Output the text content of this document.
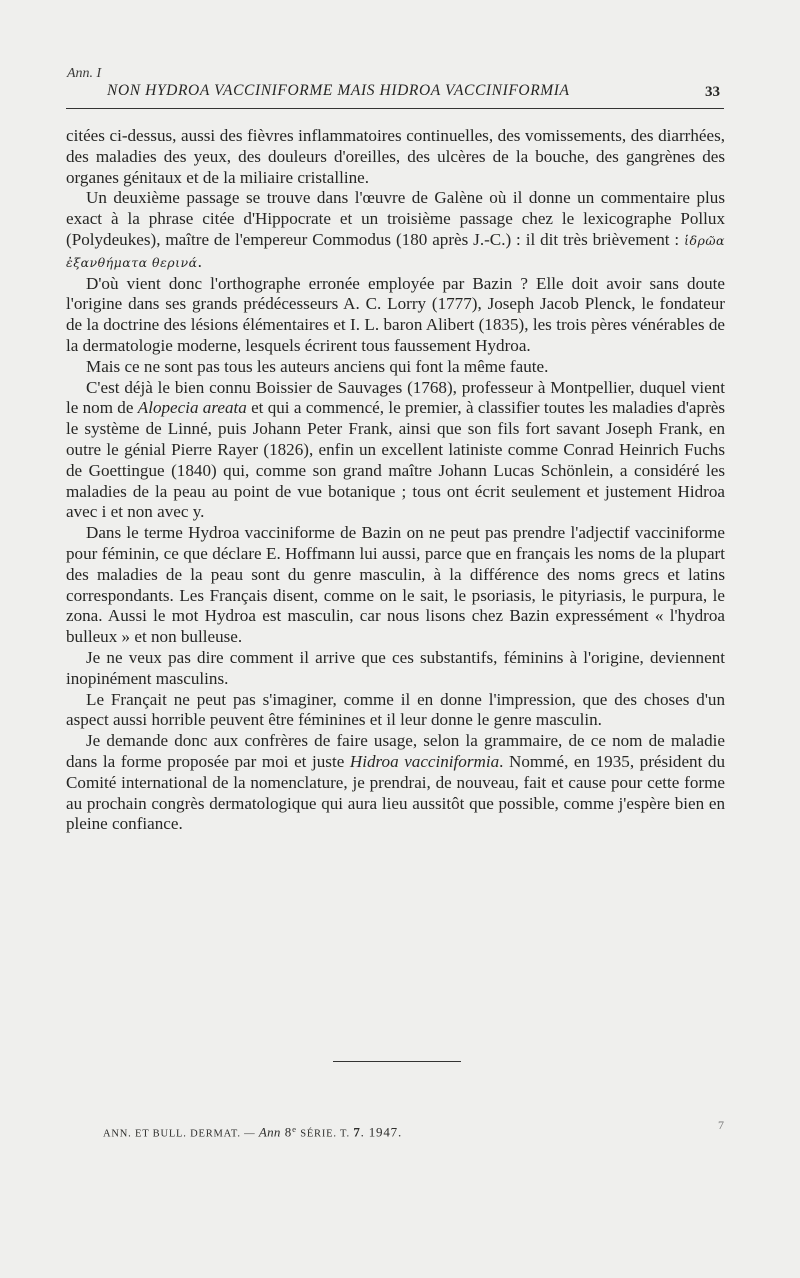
Ann. I
NON HYDROA VACCINIFORME MAIS HIDROA VACCINIFORMIA	33

citées ci-dessus, aussi des fièvres inflammatoires continuelles, des vomissements, des diarrhées, des maladies des yeux, des douleurs d'oreilles, des ulcères de la bouche, des gangrènes des organes génitaux et de la miliaire cristalline.

Un deuxième passage se trouve dans l'œuvre de Galène où il donne un commentaire plus exact à la phrase citée d'Hippocrate et un troisième passage chez le lexicographe Pollux (Polydeukes), maître de l'empereur Commodus (180 après J.-C.) : il dit très brièvement : ἱδρῶα ἐξανθήματα θερινά.

D'où vient donc l'orthographe erronée employée par Bazin ? Elle doit avoir sans doute l'origine dans ses grands prédécesseurs A. C. Lorry (1777), Joseph Jacob Plenck, le fondateur de la doctrine des lésions élémentaires et I. L. baron Alibert (1835), les trois pères vénérables de la dermatologie moderne, lesquels écrirent tous faussement Hydroa.

Mais ce ne sont pas tous les auteurs anciens qui font la même faute.

C'est déjà le bien connu Boissier de Sauvages (1768), professeur à Montpellier, duquel vient le nom de Alopecia areata et qui a commencé, le premier, à classifier toutes les maladies d'après le système de Linné, puis Johann Peter Frank, ainsi que son fils fort savant Joseph Frank, en outre le génial Pierre Rayer (1826), enfin un excellent latiniste comme Conrad Heinrich Fuchs de Goettingue (1840) qui, comme son grand maître Johann Lucas Schönlein, a considéré les maladies de la peau au point de vue botanique ; tous ont écrit seulement et justement Hidroa avec i et non avec y.

Dans le terme Hydroa vacciniforme de Bazin on ne peut pas prendre l'adjectif vacciniforme pour féminin, ce que déclare E. Hoffmann lui aussi, parce que en français les noms de la plupart des maladies de la peau sont du genre masculin, à la différence des noms grecs et latins correspondants. Les Français disent, comme on le sait, le psoriasis, le pityriasis, le purpura, le zona. Aussi le mot Hydroa est masculin, car nous lisons chez Bazin expressément « l'hydroa bulleux » et non bulleuse.

Je ne veux pas dire comment il arrive que ces substantifs, féminins à l'origine, deviennent inopinément masculins.

Le Françait ne peut pas s'imaginer, comme il en donne l'impression, que des choses d'un aspect aussi horrible peuvent être féminines et il leur donne le genre masculin.

Je demande donc aux confrères de faire usage, selon la grammaire, de ce nom de maladie dans la forme proposée par moi et juste Hidroa vacciniformia. Nommé, en 1935, président du Comité international de la nomenclature, je prendrai, de nouveau, fait et cause pour cette forme au prochain congrès dermatologique qui aura lieu aussitôt que possible, comme j'espère bien en pleine confiance.

ANN. ET BULL. DERMAT. — Ann 8e SÉRIE. T. 7. 1947.	7
